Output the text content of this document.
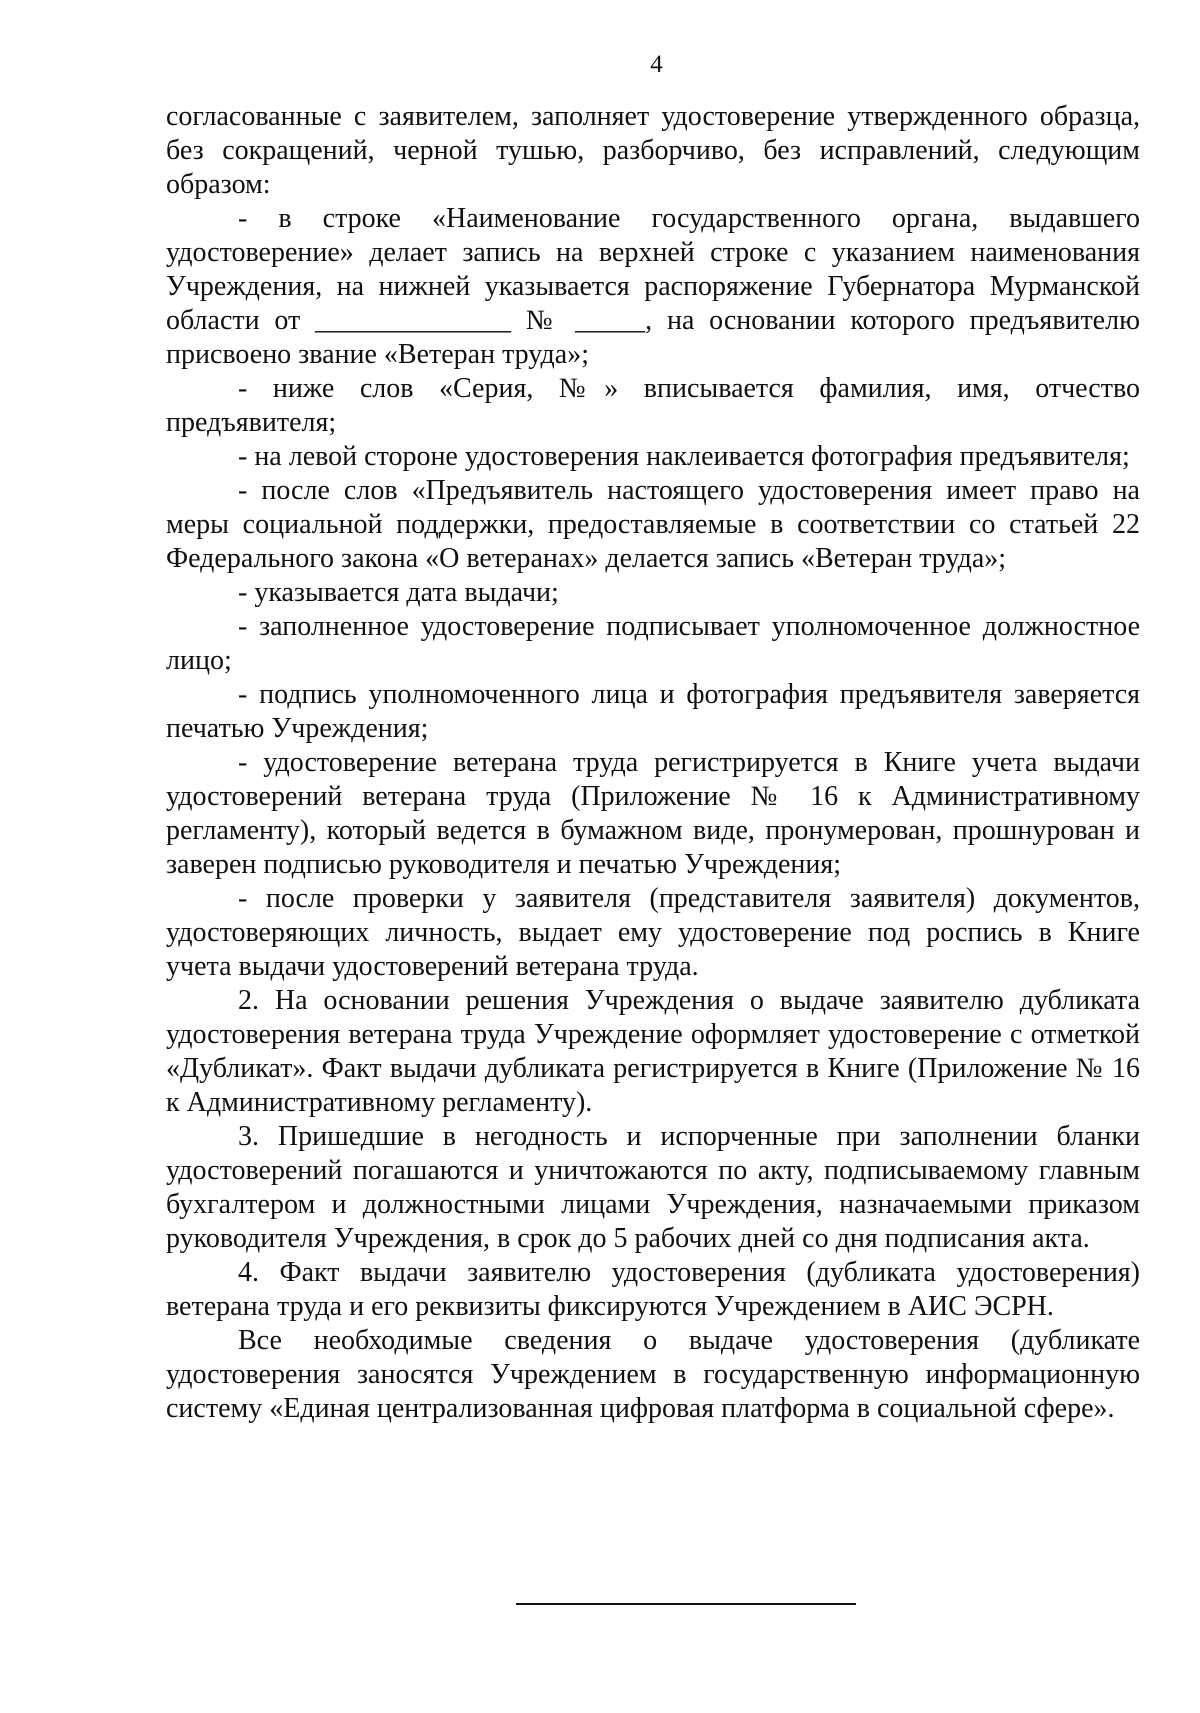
4

согласованные с заявителем, заполняет удостоверение утвержденного образца, без сокращений, черной тушью, разборчиво, без исправлений, следующим образом:

- в строке «Наименование государственного органа, выдавшего удостоверение» делает запись на верхней строке с указанием наименования Учреждения, на нижней указывается распоряжение Губернатора Мурманской области от ______________ № _____, на основании которого предъявителю присвоено звание «Ветеран труда»;

- ниже слов «Серия, №» вписывается фамилия, имя, отчество предъявителя;

- на левой стороне удостоверения наклеивается фотография предъявителя;

- после слов «Предъявитель настоящего удостоверения имеет право на меры социальной поддержки, предоставляемые в соответствии со статьей 22 Федерального закона «О ветеранах» делается запись «Ветеран труда»;

- указывается дата выдачи;

- заполненное удостоверение подписывает уполномоченное должностное лицо;

- подпись уполномоченного лица и фотография предъявителя заверяется печатью Учреждения;

- удостоверение ветерана труда регистрируется в Книге учета выдачи удостоверений ветерана труда (Приложение № 16 к Административному регламенту), который ведется в бумажном виде, пронумерован, прошнурован и заверен подписью руководителя и печатью Учреждения;

- после проверки у заявителя (представителя заявителя) документов, удостоверяющих личность, выдает ему удостоверение под роспись в Книге учета выдачи удостоверений ветерана труда.

2. На основании решения Учреждения о выдаче заявителю дубликата удостоверения ветерана труда Учреждение оформляет удостоверение с отметкой «Дубликат». Факт выдачи дубликата регистрируется в Книге (Приложение № 16 к Административному регламенту).

3. Пришедшие в негодность и испорченные при заполнении бланки удостоверений погашаются и уничтожаются по акту, подписываемому главным бухгалтером и должностными лицами Учреждения, назначаемыми приказом руководителя Учреждения, в срок до 5 рабочих дней со дня подписания акта.

4. Факт выдачи заявителю удостоверения (дубликата удостоверения) ветерана труда и его реквизиты фиксируются Учреждением в АИС ЭСРН.

Все необходимые сведения о выдаче удостоверения (дубликате удостоверения заносятся Учреждением в государственную информационную систему «Единая централизованная цифровая платформа в социальной сфере».
